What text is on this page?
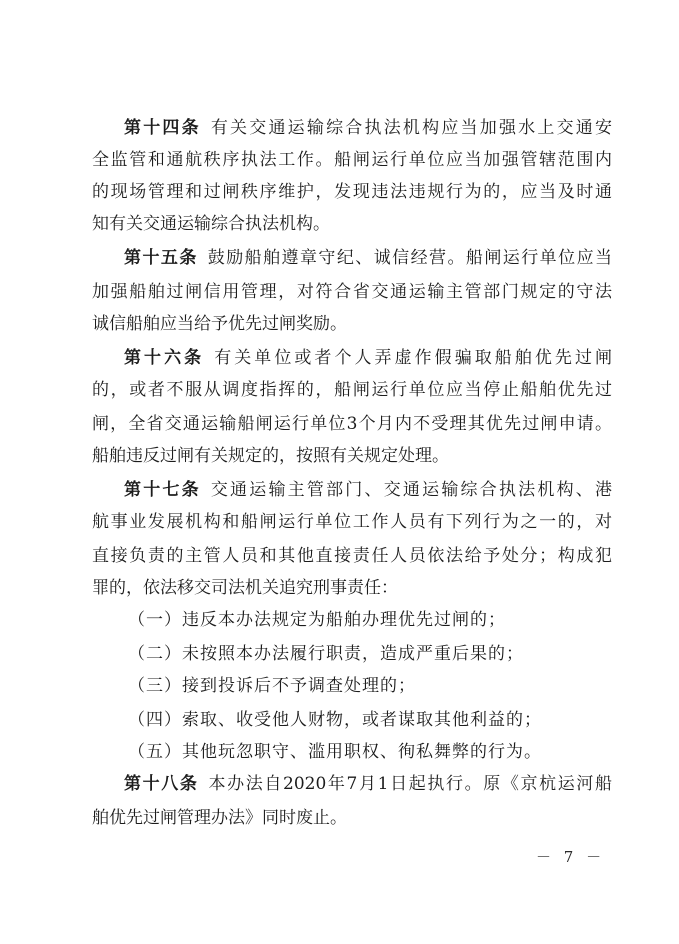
第十四条 有关交通运输综合执法机构应当加强水上交通安
全监管和通航秩序执法工作。船闸运行单位应当加强管辖范围内
的现场管理和过闸秩序维护，发现违法违规行为的，应当及时通
知有关交通运输综合执法机构。
第十五条 鼓励船舶遵章守纪、诚信经营。船闸运行单位应当
加强船舶过闸信用管理，对符合省交通运输主管部门规定的守法
诚信船舶应当给予优先过闸奖励。
第十六条 有关单位或者个人弄虚作假骗取船舶优先过闸
的，或者不服从调度指挥的，船闸运行单位应当停止船舶优先过
闸，全省交通运输船闸运行单位3个月内不受理其优先过闸申请。
船舶违反过闸有关规定的，按照有关规定处理。
第十七条 交通运输主管部门、交通运输综合执法机构、港
航事业发展机构和船闸运行单位工作人员有下列行为之一的，对
直接负责的主管人员和其他直接责任人员依法给予处分；构成犯
罪的，依法移交司法机关追究刑事责任：
（一）违反本办法规定为船舶办理优先过闸的；
（二）未按照本办法履行职责，造成严重后果的；
（三）接到投诉后不予调查处理的；
（四）索取、收受他人财物，或者谋取其他利益的；
（五）其他玩忽职守、滥用职权、徇私舞弊的行为。
第十八条 本办法自2020年7月1日起执行。原《京杭运河船
舶优先过闸管理办法》同时废止。
－ 7 －
